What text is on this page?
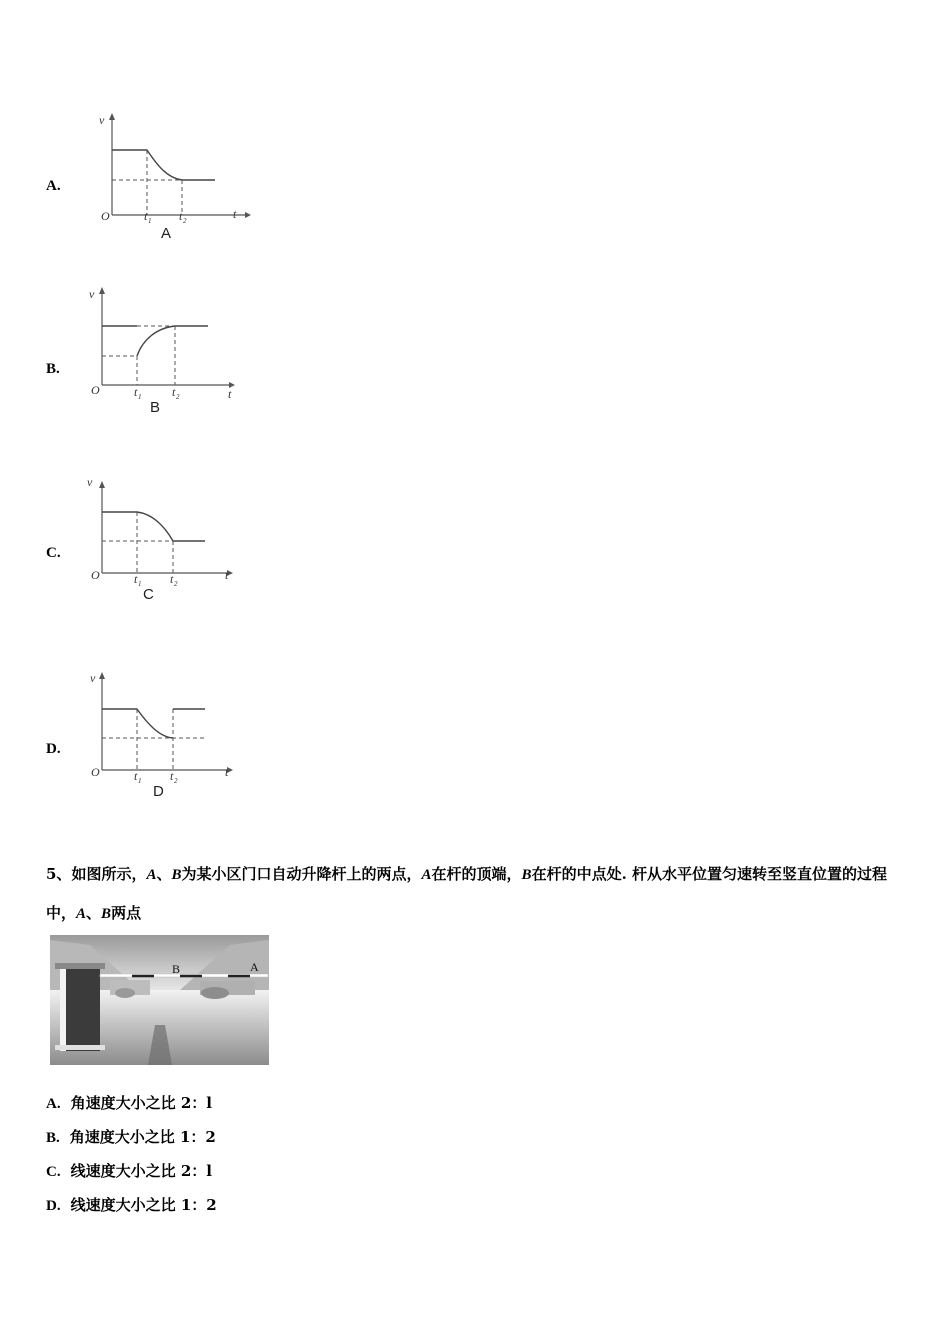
A.
v
t
O	t 1 t 2
A
B.
v
t
O	t 1	t 2
B
C.
v
t
O	t 1 t 2
C
D.
v
t
O	t 1 t 2
D
5、如图所示，A、B为某小区门口自动升降杆上的两点，A在杆的顶端，B在杆的中点处. 杆从水平位置匀速转至竖直位置的过程中，A、B两点
B	A
A. 角速度大小之比 2：l
B. 角速度大小之比 1：2
C. 线速度大小之比 2：l
D. 线速度大小之比 1：2
